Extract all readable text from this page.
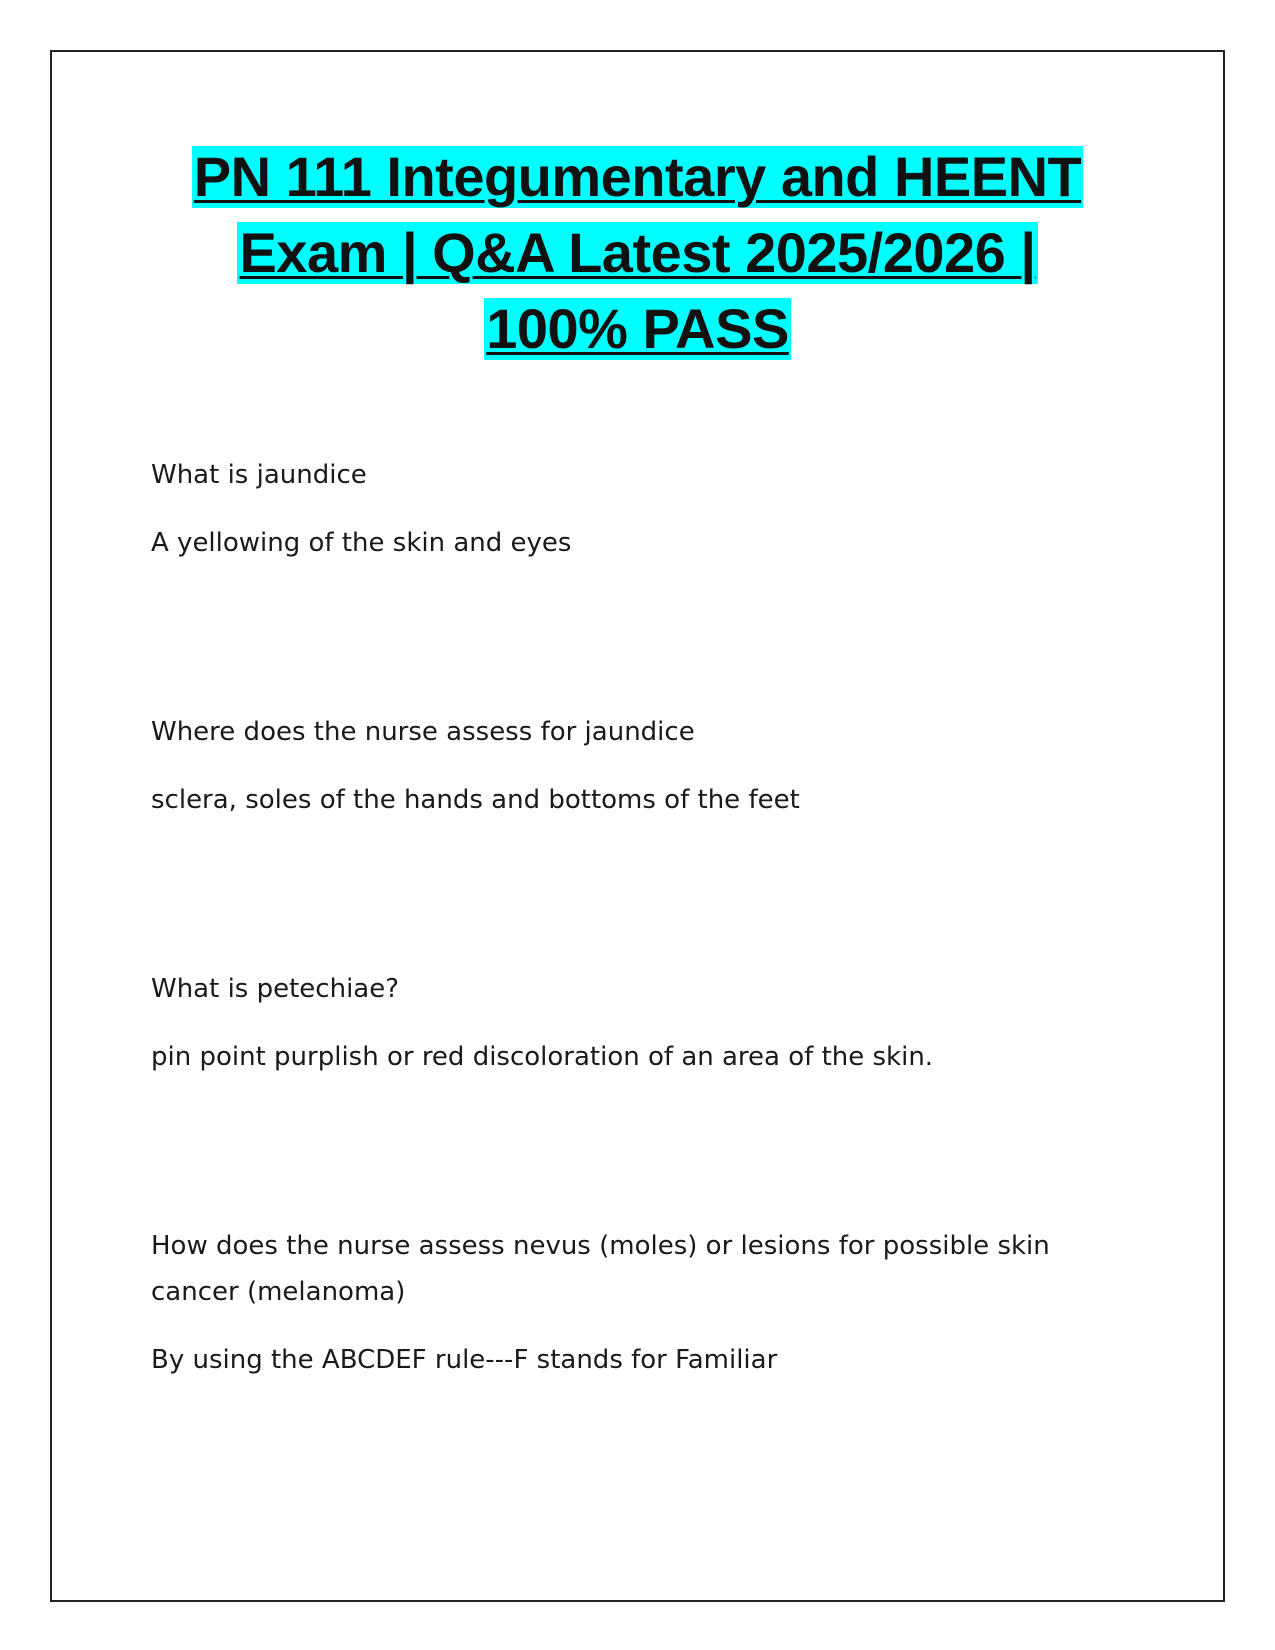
PN 111 Integumentary and HEENT
Exam | Q&A Latest 2025/2026 |
100% PASS

What is jaundice

A yellowing of the skin and eyes

Where does the nurse assess for jaundice

sclera, soles of the hands and bottoms of the feet

What is petechiae?

pin point purplish or red discoloration of an area of the skin.

How does the nurse assess nevus (moles) or lesions for possible skin cancer (melanoma)

By using the ABCDEF rule---F stands for Familiar
